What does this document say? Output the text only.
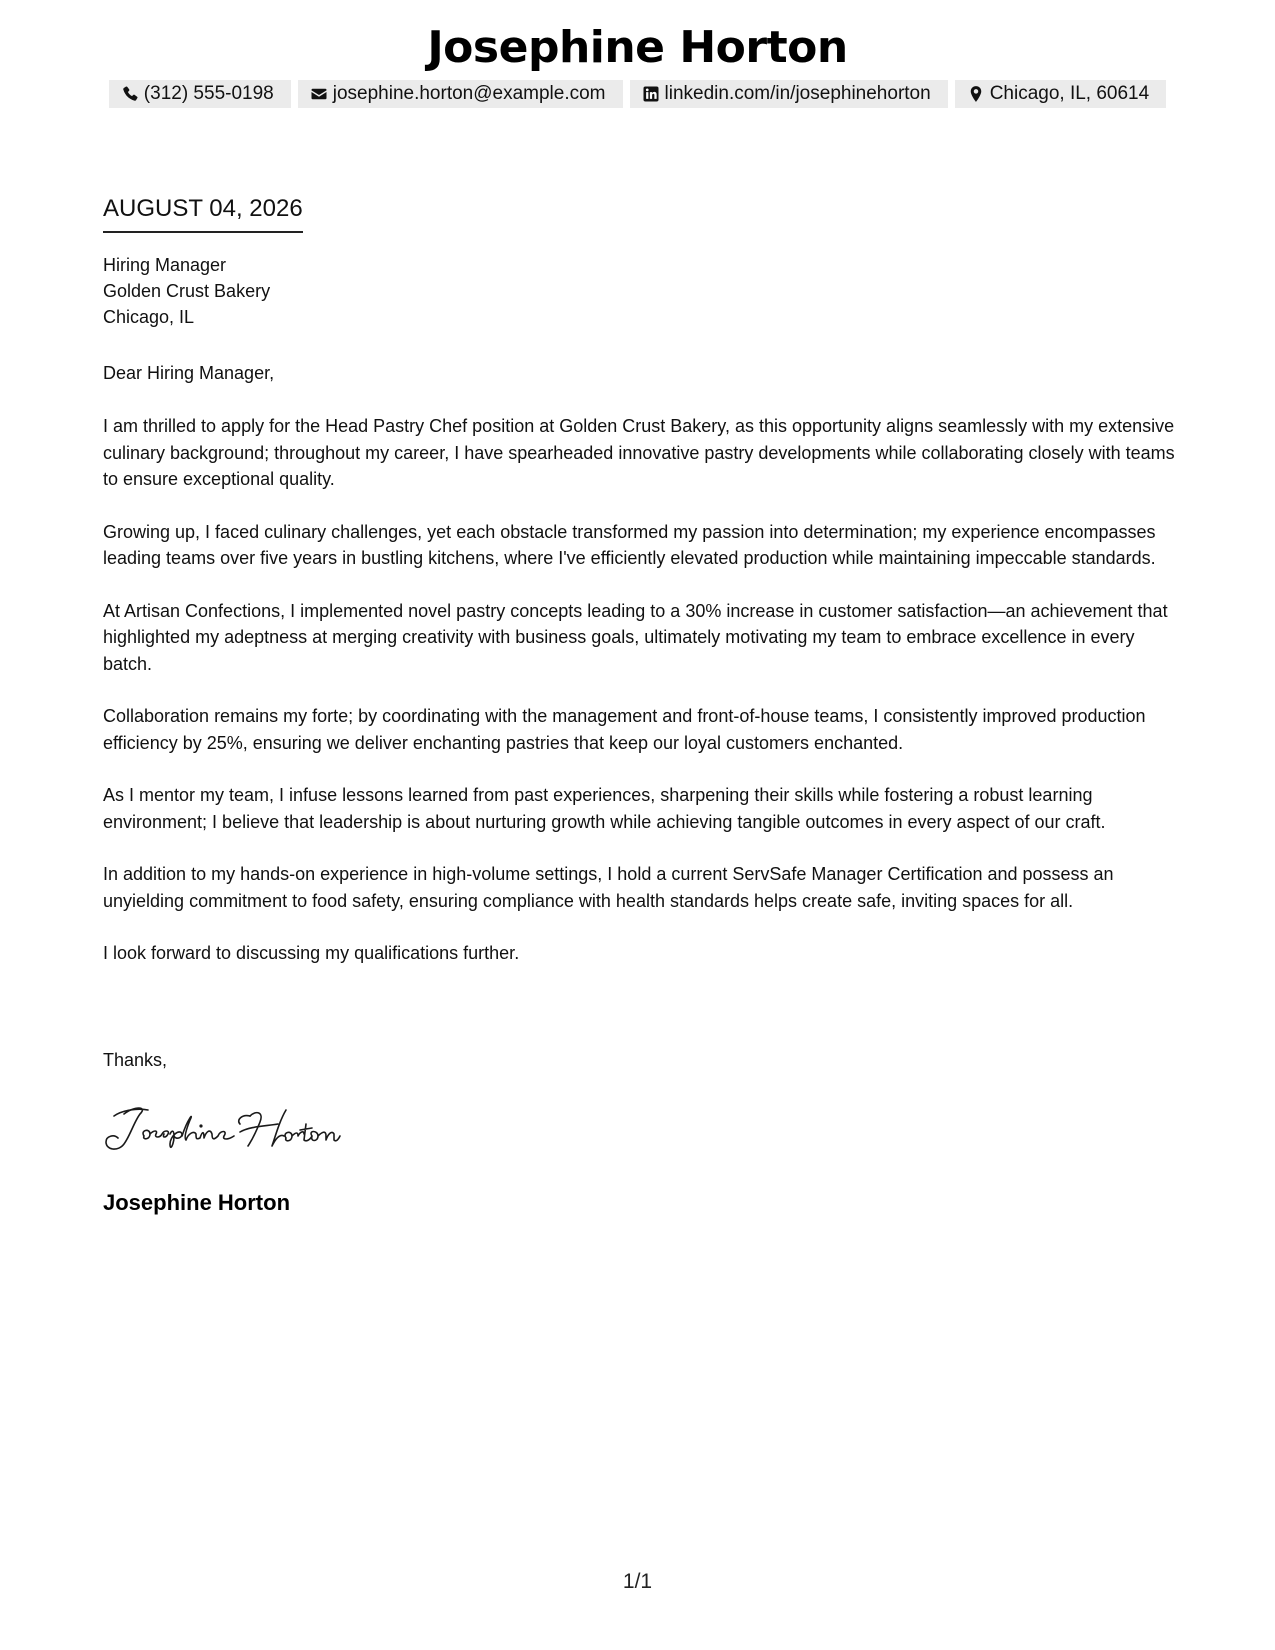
Josephine Horton
(312) 555-0198	josephine.horton@example.com	linkedin.com/in/josephinehorton	Chicago, IL, 60614
AUGUST 04, 2026
Hiring Manager
Golden Crust Bakery
Chicago, IL
Dear Hiring Manager,

I am thrilled to apply for the Head Pastry Chef position at Golden Crust Bakery, as this opportunity aligns seamlessly with my extensive culinary background; throughout my career, I have spearheaded innovative pastry developments while collaborating closely with teams to ensure exceptional quality.

Growing up, I faced culinary challenges, yet each obstacle transformed my passion into determination; my experience encompasses leading teams over five years in bustling kitchens, where I've efficiently elevated production while maintaining impeccable standards.

At Artisan Confections, I implemented novel pastry concepts leading to a 30% increase in customer satisfaction—an achievement that highlighted my adeptness at merging creativity with business goals, ultimately motivating my team to embrace excellence in every batch.

Collaboration remains my forte; by coordinating with the management and front-of-house teams, I consistently improved production efficiency by 25%, ensuring we deliver enchanting pastries that keep our loyal customers enchanted.

As I mentor my team, I infuse lessons learned from past experiences, sharpening their skills while fostering a robust learning environment; I believe that leadership is about nurturing growth while achieving tangible outcomes in every aspect of our craft.

In addition to my hands-on experience in high-volume settings, I hold a current ServSafe Manager Certification and possess an unyielding commitment to food safety, ensuring compliance with health standards helps create safe, inviting spaces for all.

I look forward to discussing my qualifications further.

Thanks,
Josephine Horton
1/1
